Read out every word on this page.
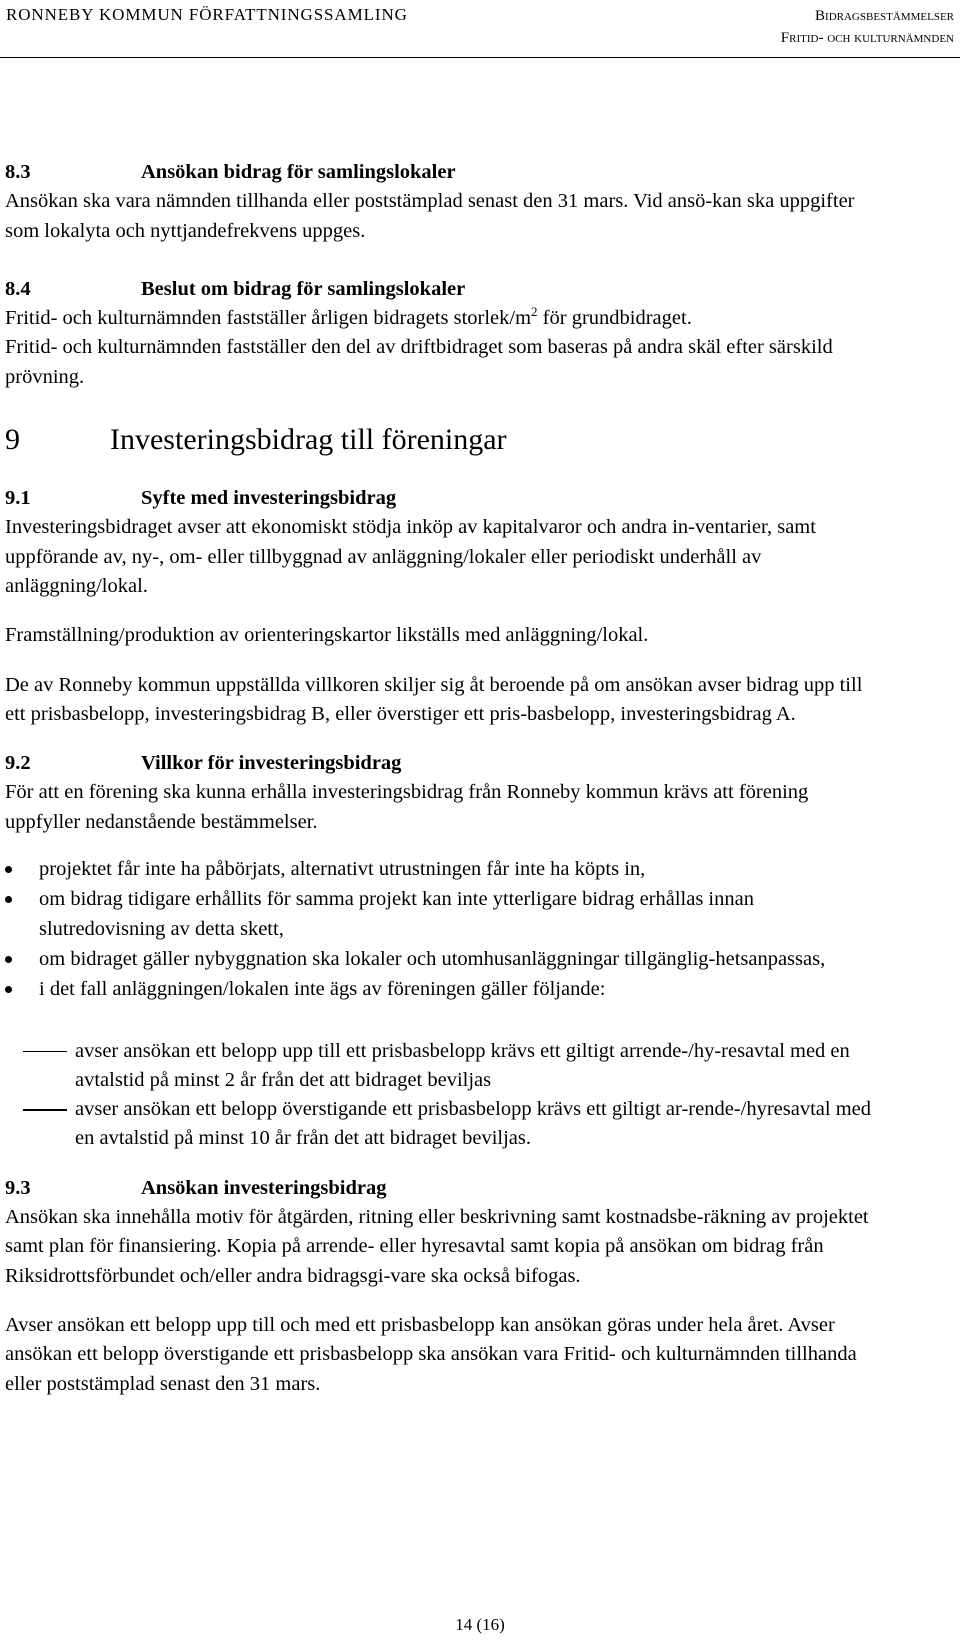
RONNEBY KOMMUN FÖRFATTNINGSSAMLING	Bidragsbestämmelser
Fritid- och kulturnämnden
8.3	Ansökan bidrag för samlingslokaler

Ansökan ska vara nämnden tillhanda eller poststämplad senast den 31 mars. Vid ansö-kan ska uppgifter som lokalyta och nyttjandefrekvens uppges.

8.4	Beslut om bidrag för samlingslokaler

Fritid- och kulturnämnden fastställer årligen bidragets storlek/$m^2$ för grundbidraget.

Fritid- och kulturnämnden fastställer den del av driftbidraget som baseras på andra skäl efter särskild prövning.

9	Investeringsbidrag till föreningar
9.1	Syfte med investeringsbidrag

Investeringsbidraget avser att ekonomiskt stödja inköp av kapitalvaror och andra in-ventarier, samt uppförande av, ny-, om- eller tillbyggnad av anläggning/lokaler eller periodiskt underhåll av anläggning/lokal.

Framställning/produktion av orienteringskartor likställs med anläggning/lokal.

De av Ronneby kommun uppställda villkoren skiljer sig åt beroende på om ansökan avser bidrag upp till ett prisbasbelopp, investeringsbidrag B, eller överstiger ett pris-basbelopp, investeringsbidrag A.

9.2	Villkor för investeringsbidrag

För att en förening ska kunna erhålla investeringsbidrag från Ronneby kommun krävs att förening uppfyller nedanstående bestämmelser.

projektet får inte ha påbörjats, alternativt utrustningen får inte ha köpts in,
om bidrag tidigare erhållits för samma projekt kan inte ytterligare bidrag erhållas innan slutredovisning av detta skett,
om bidraget gäller nybyggnation ska lokaler och utomhusanläggningar tillgänglig-hetsanpassas,
i det fall anläggningen/lokalen inte ägs av föreningen gäller följande:
avser ansökan ett belopp upp till ett prisbasbelopp krävs ett giltigt arrende-/hy-resavtal med en avtalstid på minst 2 år från det att bidraget beviljas
avser ansökan ett belopp överstigande ett prisbasbelopp krävs ett giltigt ar-rende-/hyresavtal med en avtalstid på minst 10 år från det att bidraget beviljas.
9.3	Ansökan investeringsbidrag

Ansökan ska innehålla motiv för åtgärden, ritning eller beskrivning samt kostnadsbe-räkning av projektet samt plan för finansiering. Kopia på arrende- eller hyresavtal samt kopia på ansökan om bidrag från Riksidrottsförbundet och/eller andra bidragsgi-vare ska också bifogas.

Avser ansökan ett belopp upp till och med ett prisbasbelopp kan ansökan göras under hela året. Avser ansökan ett belopp överstigande ett prisbasbelopp ska ansökan vara Fritid- och kulturnämnden tillhanda eller poststämplad senast den 31 mars.

14 (16)
